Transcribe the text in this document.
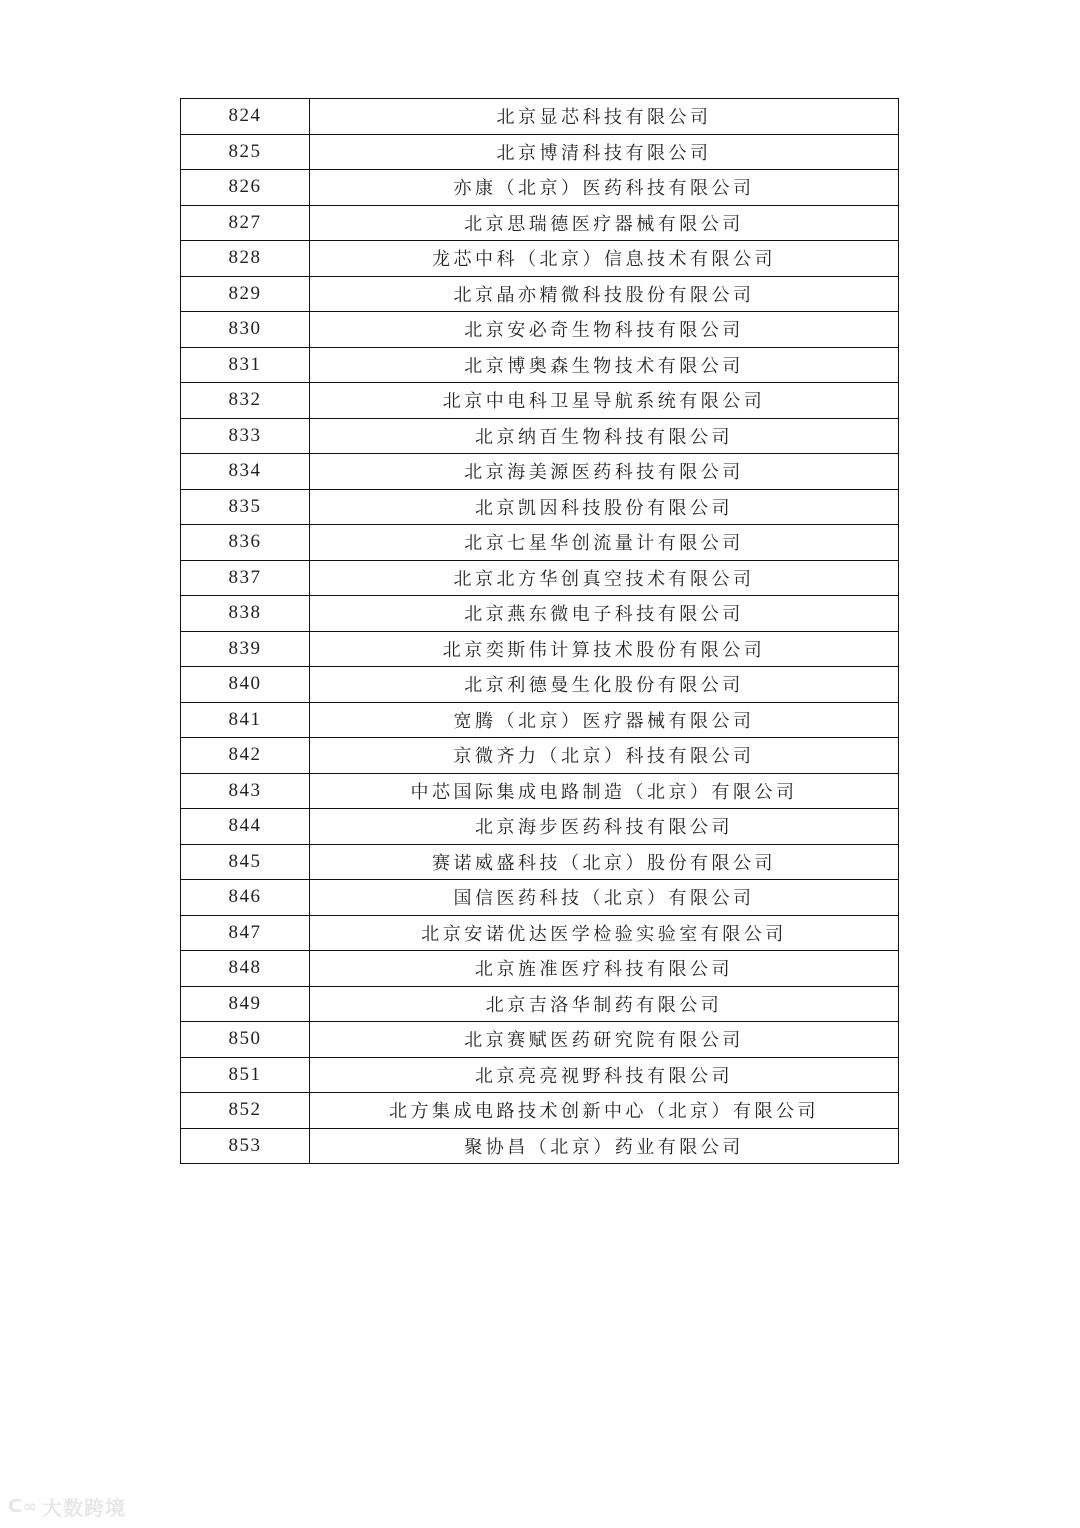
824	北京显芯科技有限公司
825	北京博清科技有限公司
826	亦康（北京）医药科技有限公司
827	北京思瑞德医疗器械有限公司
828	龙芯中科（北京）信息技术有限公司
829	北京晶亦精微科技股份有限公司
830	北京安必奇生物科技有限公司
831	北京博奥森生物技术有限公司
832	北京中电科卫星导航系统有限公司
833	北京纳百生物科技有限公司
834	北京海美源医药科技有限公司
835	北京凯因科技股份有限公司
836	北京七星华创流量计有限公司
837	北京北方华创真空技术有限公司
838	北京燕东微电子科技有限公司
839	北京奕斯伟计算技术股份有限公司
840	北京利德曼生化股份有限公司
841	宽腾（北京）医疗器械有限公司
842	京微齐力（北京）科技有限公司
843	中芯国际集成电路制造（北京）有限公司
844	北京海步医药科技有限公司
845	赛诺威盛科技（北京）股份有限公司
846	国信医药科技（北京）有限公司
847	北京安诺优达医学检验实验室有限公司
848	北京旌准医疗科技有限公司
849	北京吉洛华制药有限公司
850	北京赛赋医药研究院有限公司
851	北京亮亮视野科技有限公司
852	北方集成电路技术创新中心（北京）有限公司
853	聚协昌（北京）药业有限公司
ᑕ∞ 大数跨境
